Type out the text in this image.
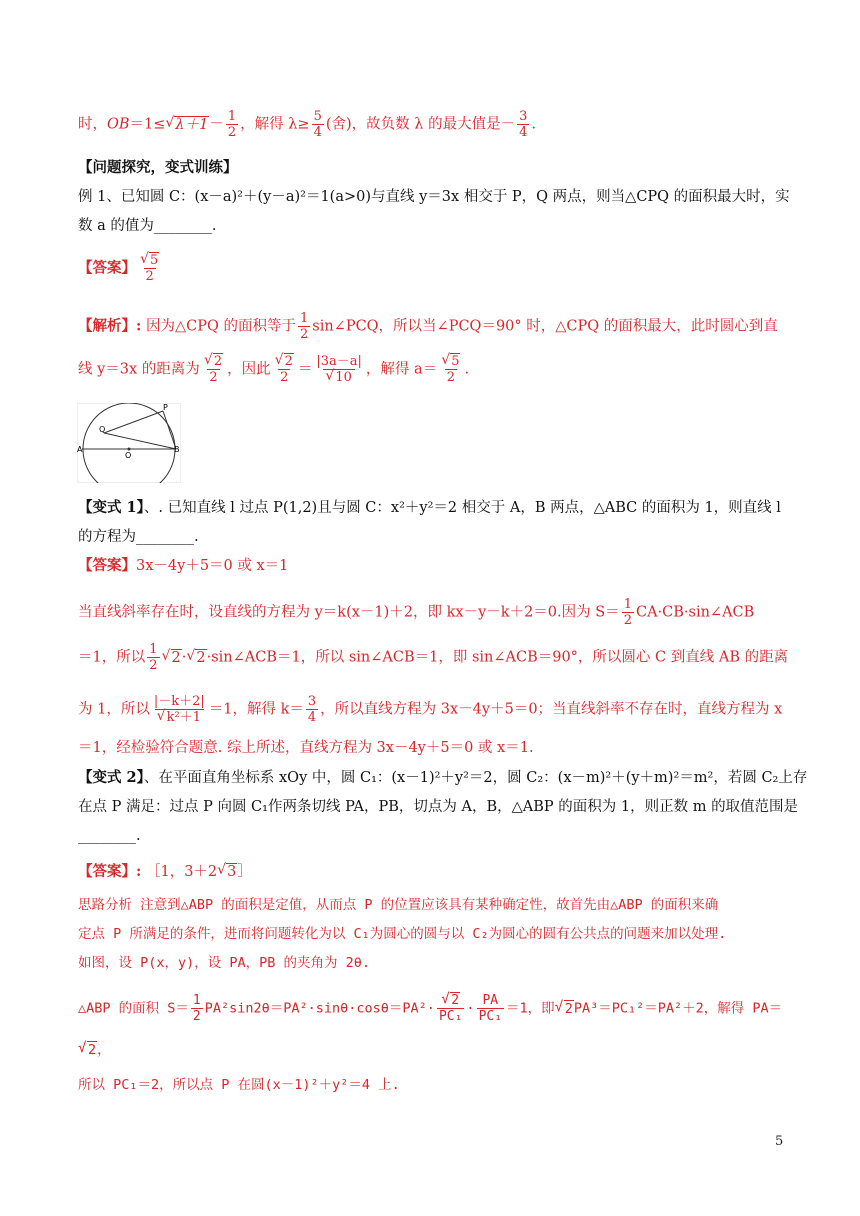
时，OB＝1≤ √ $\lambda+1- \frac{1}{2}$ ，解得 $\lambda\ge \frac{5}{4}$ (舍)，故负数 λ 的最大值是－ $\frac{3}{4}$ .
【问题探究，变式训练】
例 1、已知圆 C：(x－a)²＋(y－a)²＝1(a>0)与直线 y＝3x 相交于 P，Q 两点，则当△CPQ 的面积最大时，实
数 a 的值为________.
【答案】 √ $\frac{5}{2}$
【解析】: 因为△CPQ 的面积等于 $\frac{1}{2}$ sin∠PCQ，所以当∠PCQ＝90° 时，△CPQ 的面积最大，此时圆心到直
线 y＝3x 的距离为 √ $\frac{2}{2}$ ，因此 √ $\frac{2}{2} = |3a-a|$
√ 10 ，解得 a＝ √ $\frac{5}{2}$ .
Q
P
A
O
B
【变式 1】、. 已知直线 l 过点 P(1,2)且与圆 C：x²＋y²＝2 相交于 A，B 两点，△ABC 的面积为 1，则直线 l
的方程为________.
【答案】3x－4y＋5＝0 或 x＝1
当直线斜率存在时，设直线的方程为 y＝k(x－1)＋2，即 kx－y－k＋2＝0.因为 $S= \frac{1}{2}$ CA·CB·sin∠ACB
＝1，所以 $\frac{1}{2}$ √ 2· √ 2·sin∠ACB＝1，所以 sin∠ACB＝1，即 sin∠ACB＝90°，所以圆心 C 到直线 AB 的距离
为 1，所以 |－k＋2|
√ k²＋1 ＝1，解得 $k= \frac{3}{4}$ ，所以直线方程为 3x－4y＋5＝0；当直线斜率不存在时，直线方程为 x
＝1，经检验符合题意. 综上所述，直线方程为 3x－4y＋5＝0 或 x＝1.
【变式 2】、在平面直角坐标系 xOy 中，圆 C₁：(x－1)²＋y²＝2，圆 C₂：(x－m)²＋(y＋m)²＝m²，若圆 C₂上存
在点 P 满足：过点 P 向圆 C₁作两条切线 PA，PB，切点为 A，B，△ABP 的面积为 1，则正数 m 的取值范围是
________.
【答案】: ［1，3＋2 √ 3］
思路分析 注意到△ABP 的面积是定值，从而点 P 的位置应该具有某种确定性，故首先由△ABP 的面积来确
定点 P 所满足的条件，进而将问题转化为以 C₁为圆心的圆与以 C₂为圆心的圆有公共点的问题来加以处理.
如图，设 P(x，y)，设 PA，PB 的夹角为 2θ.
△ABP 的面积 $S= \frac{1}{2} PA^2\sin 2\theta=PA^2\cdot\sin\theta\cdot\cos\theta=PA^2\cdot$ √ $\frac{2}{\text{PC₁}} \cdot \frac{PA}{\text{PC₁}} =1$，即 √ 2PA³＝PC₁²＝PA²＋2，解得 PA＝
√ 2，
所以 PC₁＝2，所以点 P 在圆(x－1)²＋y²＝4 上.
5
